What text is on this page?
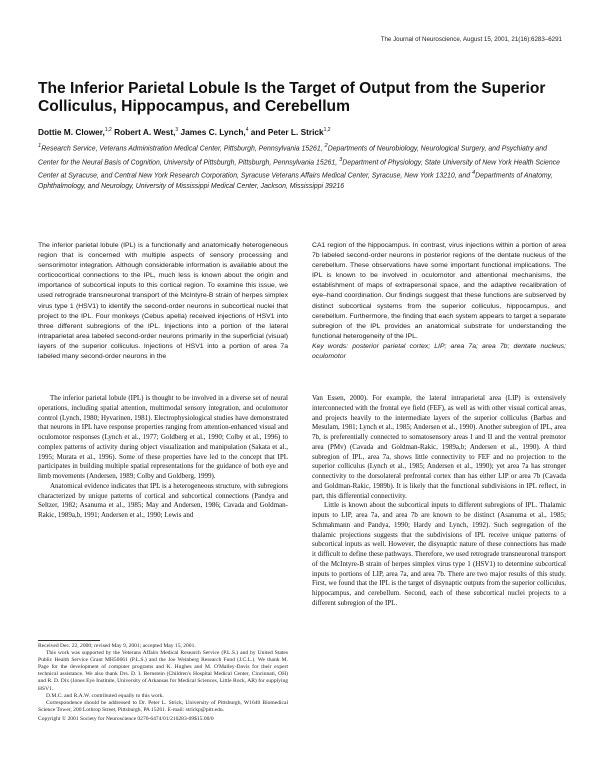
The Journal of Neuroscience, August 15, 2001, 21(16):6283–6291
The Inferior Parietal Lobule Is the Target of Output from the Superior Colliculus, Hippocampus, and Cerebellum
Dottie M. Clower,$^{1,2}$ Robert A. West,$^3$ James C. Lynch,$^4$ and Peter L. Strick$^{1,2}$
$^1$Research Service, Veterans Administration Medical Center, Pittsburgh, Pennsylvania 15261, $^2$Departments of Neurobiology, Neurological Surgery, and Psychiatry and Center for the Neural Basis of Cognition, University of Pittsburgh, Pittsburgh, Pennsylvania 15261, $^3$Department of Physiology, State University of New York Health Science Center at Syracuse, and Central New York Research Corporation, Syracuse Veterans Affairs Medical Center, Syracuse, New York 13210, and $^4$Departments of Anatomy, Ophthalmology, and Neurology, University of Mississippi Medical Center, Jackson, Mississippi 39216
The inferior parietal lobule (IPL) is a functionally and anatomically heterogeneous region that is concerned with multiple aspects of sensory processing and sensorimotor integration. Although considerable information is available about the corticocortical connections to the IPL, much less is known about the origin and importance of subcortical inputs to this cortical region. To examine this issue, we used retrograde transneuronal transport of the McIntyre-B strain of herpes simplex virus type 1 (HSV1) to identify the second-order neurons in subcortical nuclei that project to the IPL. Four monkeys (Cebus apella) received injections of HSV1 into three different subregions of the IPL. Injections into a portion of the lateral intraparietal area labeled second-order neurons primarily in the superficial (visual) layers of the superior colliculus. Injections of HSV1 into a portion of area 7a labeled many second-order neurons in the
CA1 region of the hippocampus. In contrast, virus injections within a portion of area 7b labeled second-order neurons in posterior regions of the dentate nucleus of the cerebellum. These observations have some important functional implications. The IPL is known to be involved in oculomotor and attentional mechanisms, the establishment of maps of extrapersonal space, and the adaptive recalibration of eye–hand coordination. Our findings suggest that these functions are subserved by distinct subcortical systems from the superior colliculus, hippocampus, and cerebellum. Furthermore, the finding that each system appears to target a separate subregion of the IPL provides an anatomical substrate for understanding the functional heterogeneity of the IPL.
Key words: posterior parietal cortex; LIP; area 7a; area 7b; dentate nucleus; oculomotor

The inferior parietal lobule (IPL) is thought to be involved in a diverse set of neural operations, including spatial attention, multimodal sensory integration, and oculomotor control (Lynch, 1980; Hyvarinen, 1981). Electrophysiological studies have demonstrated that neurons in IPL have response properties ranging from attention-enhanced visual and oculomotor responses (Lynch et al., 1977; Goldberg et al., 1990; Colby et al., 1996) to complex patterns of activity during object visualization and manipulation (Sakata et al., 1995; Murata et al., 1996). Some of these properties have led to the concept that IPL participates in building multiple spatial representations for the guidance of both eye and limb movements (Andersen, 1989; Colby and Goldberg, 1999).

Anatomical evidence indicates that IPL is a heterogeneous structure, with subregions characterized by unique patterns of cortical and subcortical connections (Pandya and Seltzer, 1982; Asanuma et al., 1985; May and Andersen, 1986; Cavada and Goldman-Rakic, 1989a,b, 1991; Andersen et al., 1990; Lewis and

Van Essen, 2000). For example, the lateral intraparietal area (LIP) is extensively interconnected with the frontal eye field (FEF), as well as with other visual cortical areas, and projects heavily to the intermediate layers of the superior colliculus (Barbas and Mesulam, 1981; Lynch et al., 1985; Andersen et al., 1990). Another subregion of IPL, area 7b, is preferentially connected to somatosensory areas I and II and the ventral premotor area (PMv) (Cavada and Goldman-Rakic, 1989a,b; Andersen et al., 1990). A third subregion of IPL, area 7a, shows little connectivity to FEF and no projection to the superior colliculus (Lynch et al., 1985; Andersen et al., 1990); yet area 7a has stronger connectivity to the dorsolateral prefrontal cortex than has either LIP or area 7b (Cavada and Goldman-Rakic, 1989b). It is likely that the functional subdivisions in IPL reflect, in part, this differential connectivity.

Little is known about the subcortical inputs to different subregions of IPL. Thalamic inputs to LIP, area 7a, and area 7b are known to be distinct (Asanuma et al., 1985; Schmahmann and Pandya, 1990; Hardy and Lynch, 1992). Such segregation of the thalamic projections suggests that the subdivisions of IPL receive unique patterns of subcortical inputs as well. However, the disynaptic nature of these connections has made it difficult to define these pathways. Therefore, we used retrograde transneuronal transport of the McIntyre-B strain of herpes simplex virus type 1 (HSV1) to determine subcortical inputs to portions of LIP, area 7a, and area 7b. There are two major results of this study. First, we found that the IPL is the target of disynaptic outputs from the superior colliculus, hippocampus, and cerebellum. Second, each of these subcortical nuclei projects to a different subregion of the IPL.

Received Dec. 22, 2000; revised May 9, 2001; accepted May 15, 2001.

This work was supported by the Veterans Affairs Medical Research Service (P.L.S.) and by United States Public Health Service Grant MH56661 (P.L.S.) and the Joe Weinberg Research Fund (J.C.L.). We thank M. Page for the development of computer programs and K. Hughes and M. O'Malley-Davis for their expert technical assistance. We also thank Drs. D. I. Bernstein (Children's Hospital Medical Center, Cincinnati, OH) and R. D. Dix (Jones Eye Institute, University of Arkansas for Medical Sciences, Little Rock, AR) for supplying HSV1.

D.M.C. and R.A.W. contributed equally to this work.

Correspondence should be addressed to Dr. Peter L. Strick, University of Pittsburgh, W1640 Biomedical Science Tower, 200 Lothrop Street, Pittsburgh, PA 15261. E-mail: strickp@pitt.edu.

Copyright © 2001 Society for Neuroscience 0270-6474/01/216283-09$15.00/0
